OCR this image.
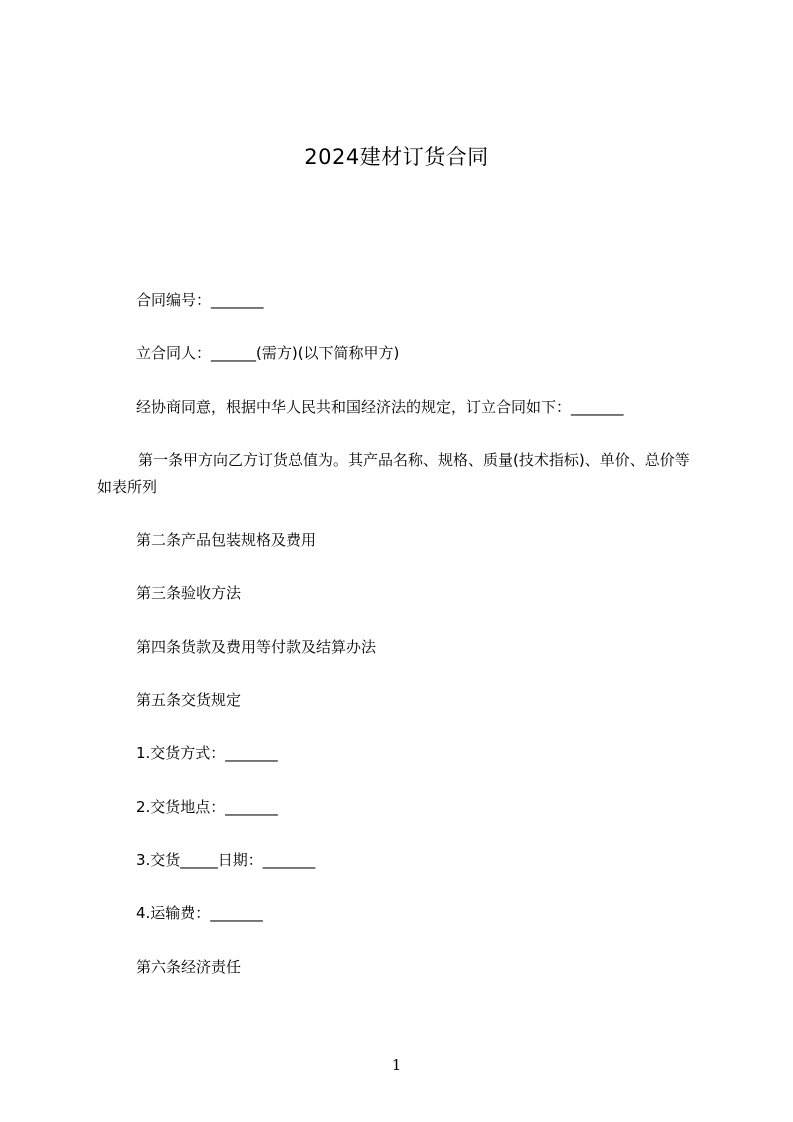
2024建材订货合同
合同编号：_______
立合同人：______(需方)(以下简称甲方)
经协商同意，根据中华人民共和国经济法的规定，订立合同如下：_______
第一条甲方向乙方订货总值为。其产品名称、规格、质量(技术指标)、单价、总价等如表所列
第二条产品包装规格及费用
第三条验收方法
第四条货款及费用等付款及结算办法
第五条交货规定
1.交货方式：_______
2.交货地点：_______
3.交货_____日期：_______
4.运输费：_______
第六条经济责任
1
